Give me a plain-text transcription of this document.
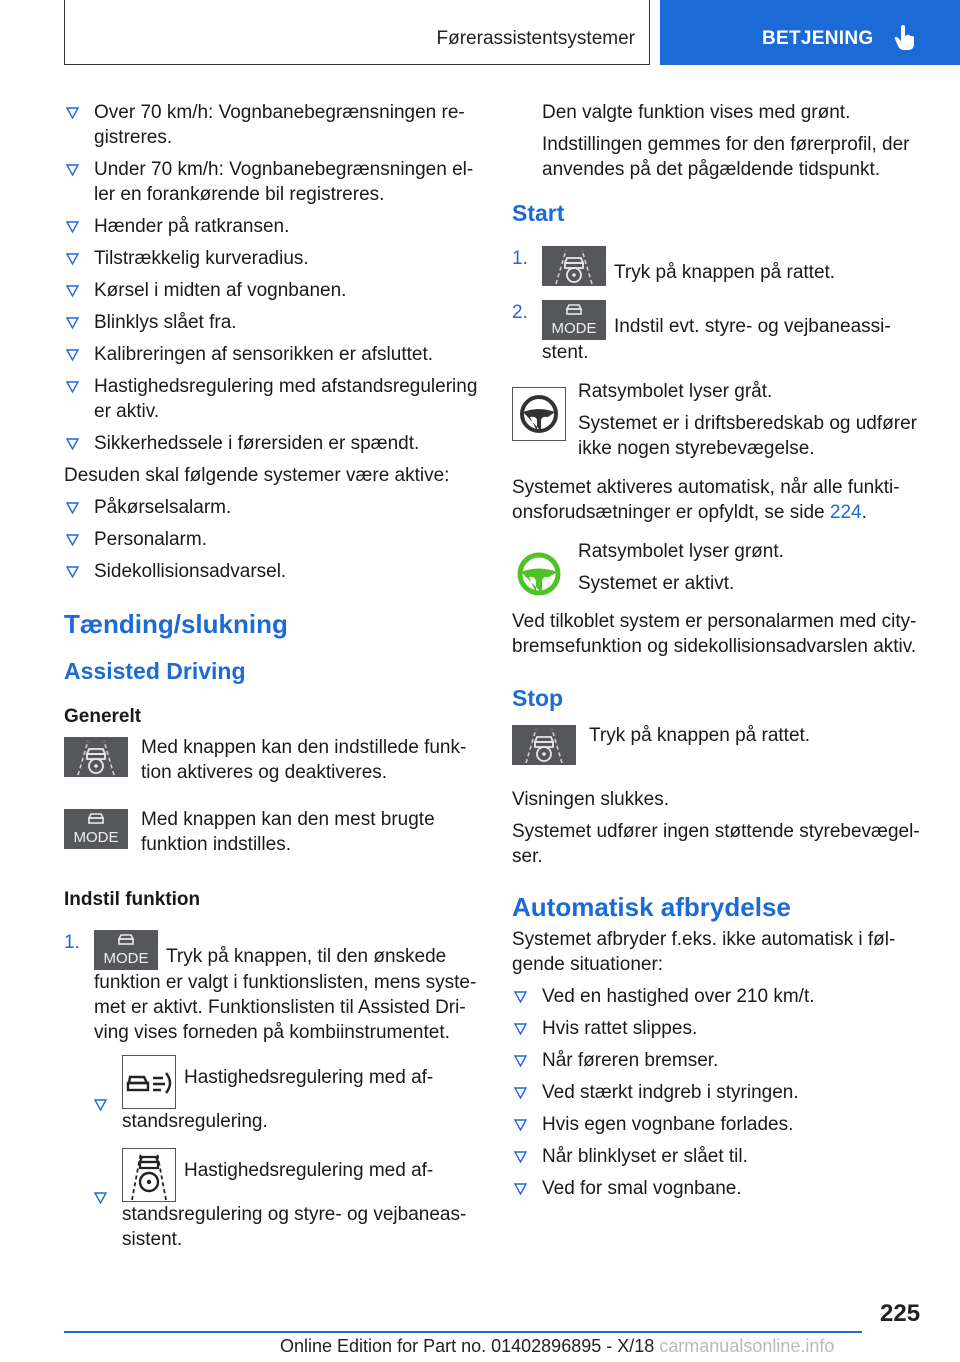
Førerassistentsystemer	BETJENING
Over 70 km/h: Vognbanebegrænsningen re-gistreres.
Under 70 km/h: Vognbanebegrænsningen el-ler en forankørende bil registreres.
Hænder på ratkransen.
Tilstrækkelig kurveradius.
Kørsel i midten af vognbanen.
Blinklys slået fra.
Kalibreringen af sensorikken er afsluttet.
Hastighedsregulering med afstandsregulering er aktiv.
Sikkerhedssele i førersiden er spændt.
Desuden skal følgende systemer være aktive:
Påkørselsalarm.
Personalarm.
Sidekollisionsadvarsel.
Tænding/slukning
Assisted Driving
Generelt
Med knappen kan den indstillede funk-tion aktiveres og deaktiveres.
Med knappen kan den mest brugte funktion indstilles.
Indstil funktion
1.
Tryk på knappen, til den ønskede funktion er valgt i funktionslisten, mens syste-met er aktivt. Funktionslisten til Assisted Dri-ving vises forneden på kombiinstrumentet.
Hastighedsregulering med af-standsregulering.
Hastighedsregulering med af-standsregulering og styre- og vejbaneas-sistent.
Den valgte funktion vises med grønt.
Indstillingen gemmes for den førerprofil, der anvendes på det pågældende tidspunkt.
Start
1.
Tryk på knappen på rattet.
2.
Indstil evt. styre- og vejbaneassi-stent.
Ratsymbolet lyser gråt.
Systemet er i driftsberedskab og udfører ikke nogen styrebevægelse.
Systemet aktiveres automatisk, når alle funkti-onsforudsætninger er opfyldt, se side 224.
Ratsymbolet lyser grønt.
Systemet er aktivt.
Ved tilkoblet system er personalarmen med city-bremsefunktion og sidekollisionsadvarslen aktiv.
Stop
Tryk på knappen på rattet.
Visningen slukkes.
Systemet udfører ingen støttende styrebevægel-ser.
Automatisk afbrydelse
Systemet afbryder f.eks. ikke automatisk i føl-gende situationer:
Ved en hastighed over 210 km/t.
Hvis rattet slippes.
Når føreren bremser.
Ved stærkt indgreb i styringen.
Hvis egen vognbane forlades.
Når blinklyset er slået til.
Ved for smal vognbane.
225
Online Edition for Part no. 01402896895 - X/18 carmanualsonline.info
